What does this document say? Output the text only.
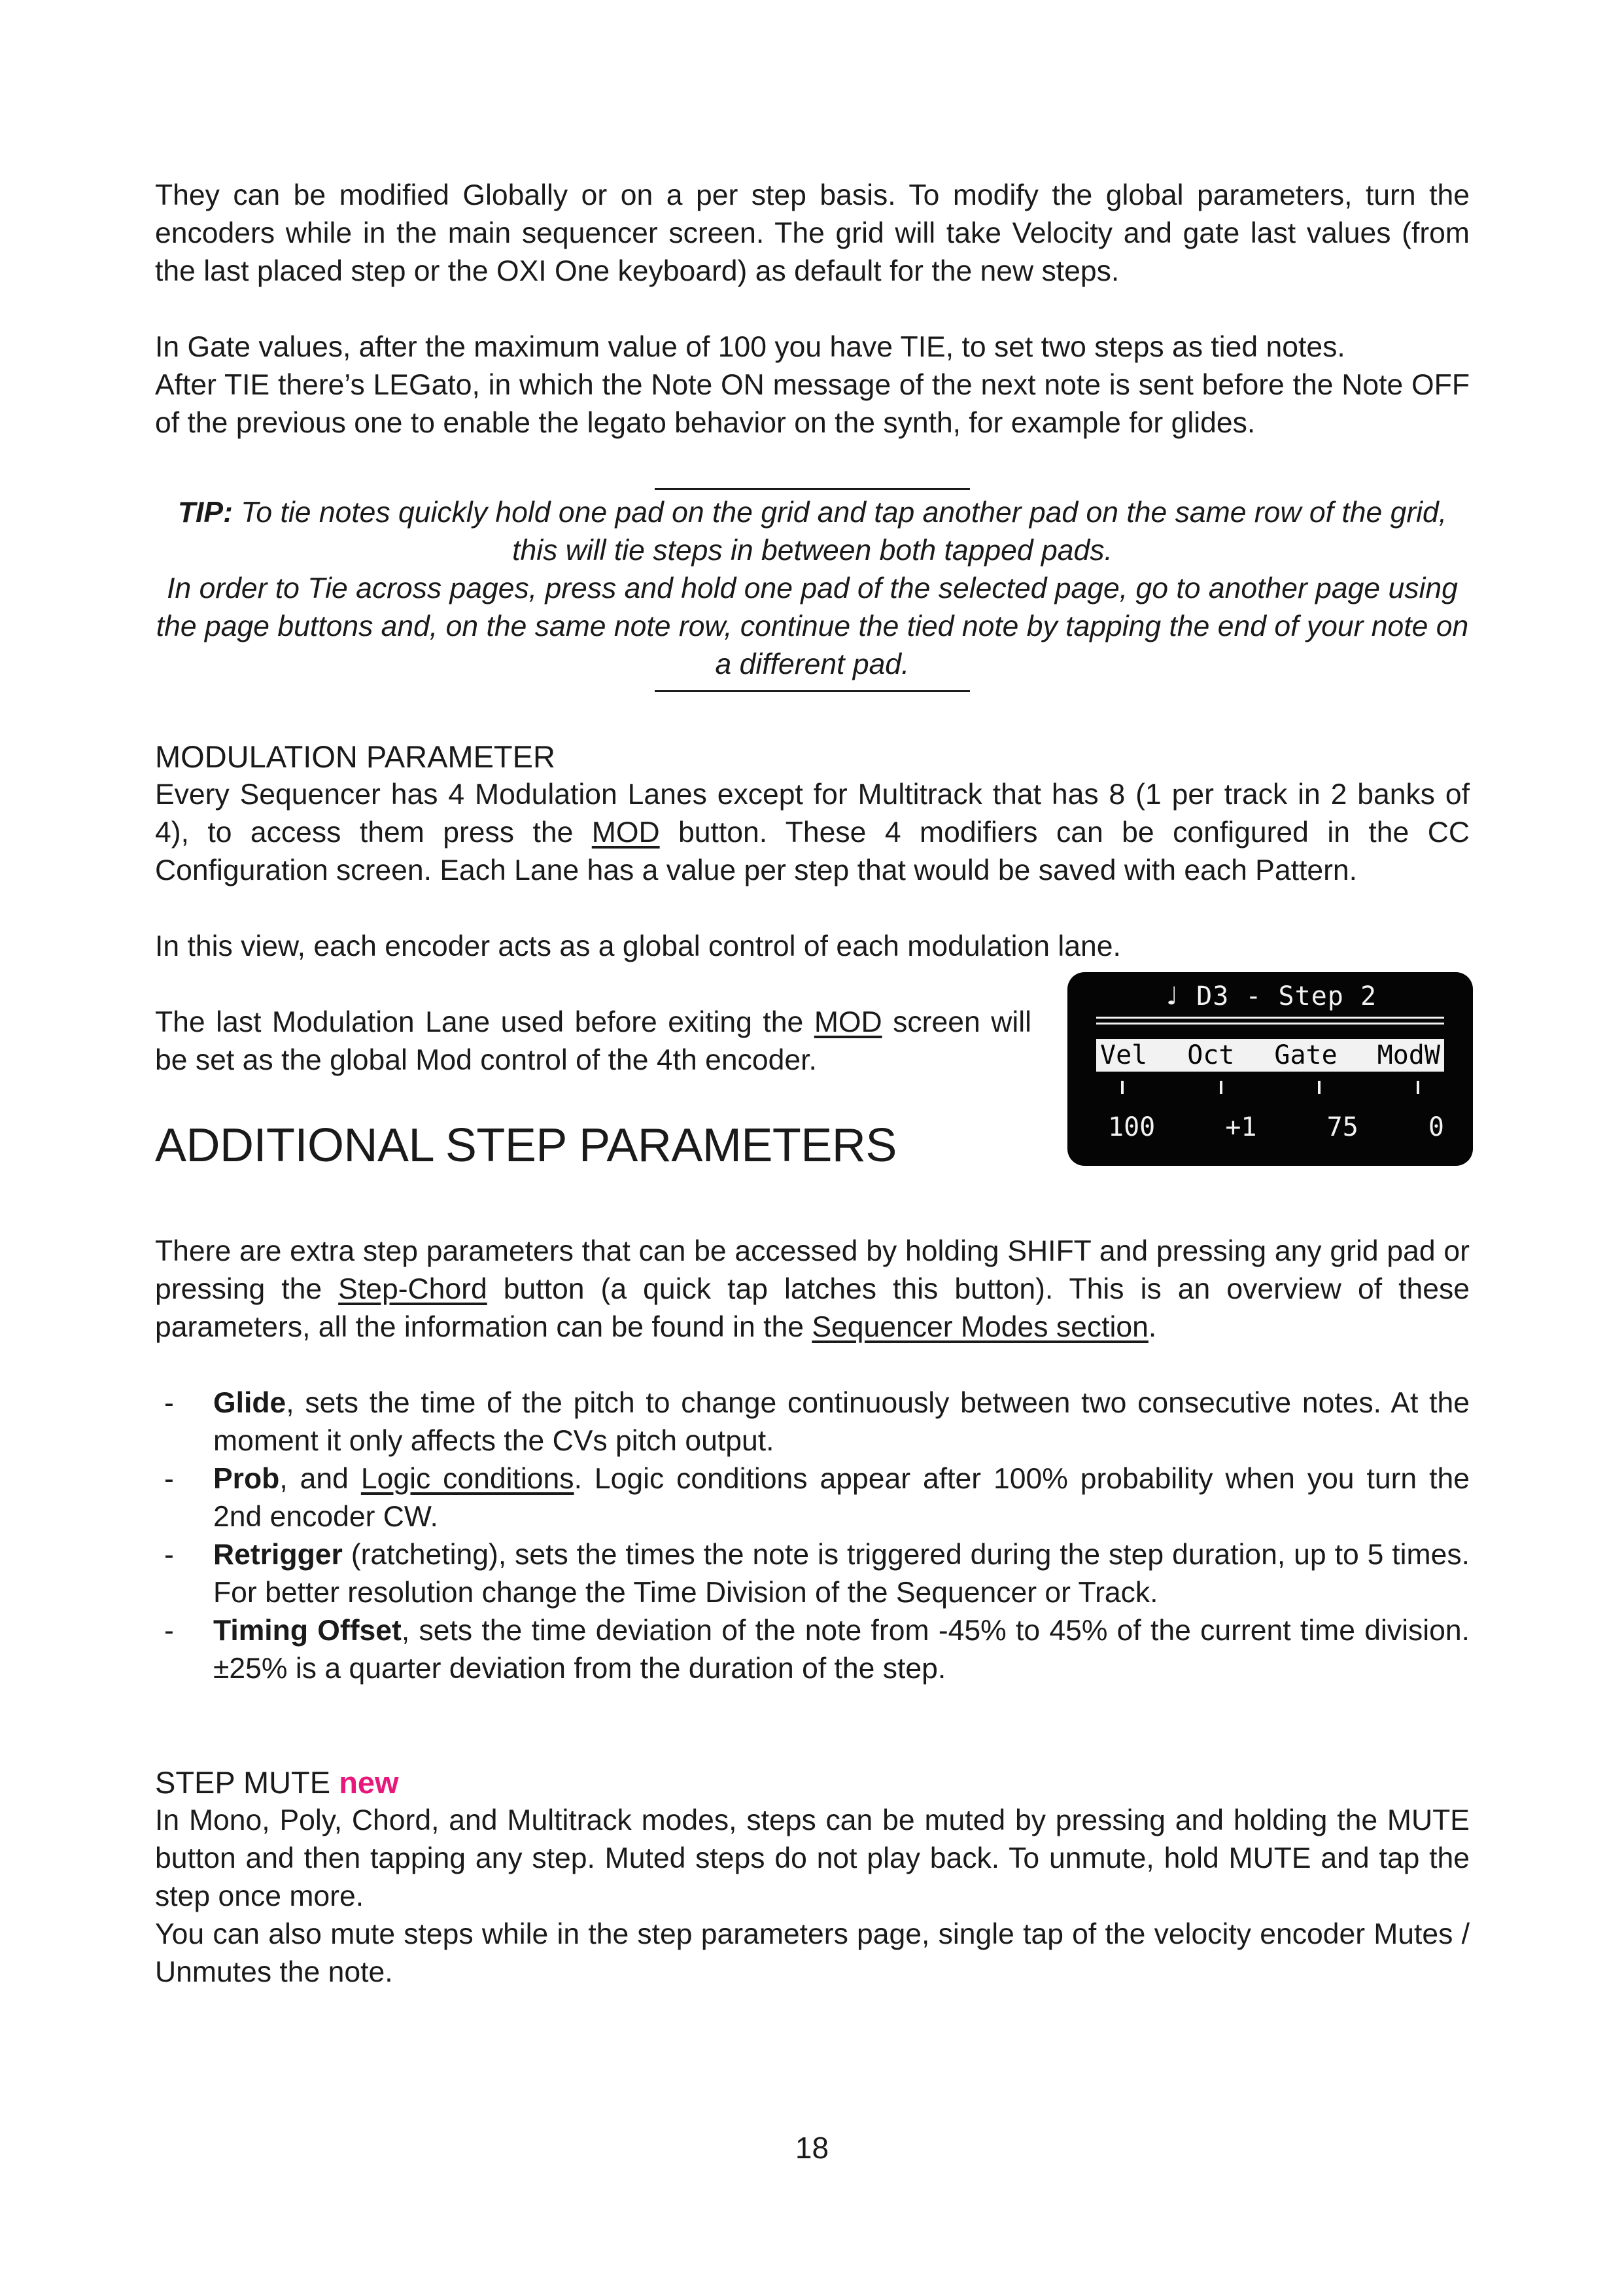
They can be modified Globally or on a per step basis. To modify the global parameters, turn the encoders while in the main sequencer screen. The grid will take Velocity and gate last values (from the last placed step or the OXI One keyboard) as default for the new steps.

In Gate values, after the maximum value of 100 you have TIE, to set two steps as tied notes.

After TIE there’s LEGato, in which the Note ON message of the next note is sent before the Note OFF of the previous one to enable the legato behavior on the synth, for example for glides.

TIP: To tie notes quickly hold one pad on the grid and tap another pad on the same row of the grid, this will tie steps in between both tapped pads.

In order to Tie across pages, press and hold one pad of the selected page, go to another page using the page buttons and, on the same note row, continue the tied note by tapping the end of your note on a different pad.

MODULATION PARAMETER

Every Sequencer has 4 Modulation Lanes except for Multitrack that has 8 (1 per track in 2 banks of 4), to access them press the MOD button. These 4 modifiers can be configured in the CC Configuration screen. Each Lane has a value per step that would be saved with each Pattern.

In this view, each encoder acts as a global control of each modulation lane.

The last Modulation Lane used before exiting the MOD screen will be set as the global Mod control of the 4th encoder.

♩ D3 - Step 2
Vel Oct Gate ModW
100	+1	75	0
ADDITIONAL STEP PARAMETERS

There are extra step parameters that can be accessed by holding SHIFT and pressing any grid pad or pressing the Step-Chord button (a quick tap latches this button). This is an overview of these parameters, all the information can be found in the Sequencer Modes section.

- Glide, sets the time of the pitch to change continuously between two consecutive notes. At the moment it only affects the CVs pitch output.
- Prob, and Logic conditions. Logic conditions appear after 100% probability when you turn the 2nd encoder CW.
- Retrigger (ratcheting), sets the times the note is triggered during the step duration, up to 5 times. For better resolution change the Time Division of the Sequencer or Track.
- Timing Offset, sets the time deviation of the note from -45% to 45% of the current time division. ±25% is a quarter deviation from the duration of the step.
STEP MUTE new

In Mono, Poly, Chord, and Multitrack modes, steps can be muted by pressing and holding the MUTE button and then tapping any step. Muted steps do not play back. To unmute, hold MUTE and tap the step once more.

You can also mute steps while in the step parameters page, single tap of the velocity encoder Mutes / Unmutes the note.

18
